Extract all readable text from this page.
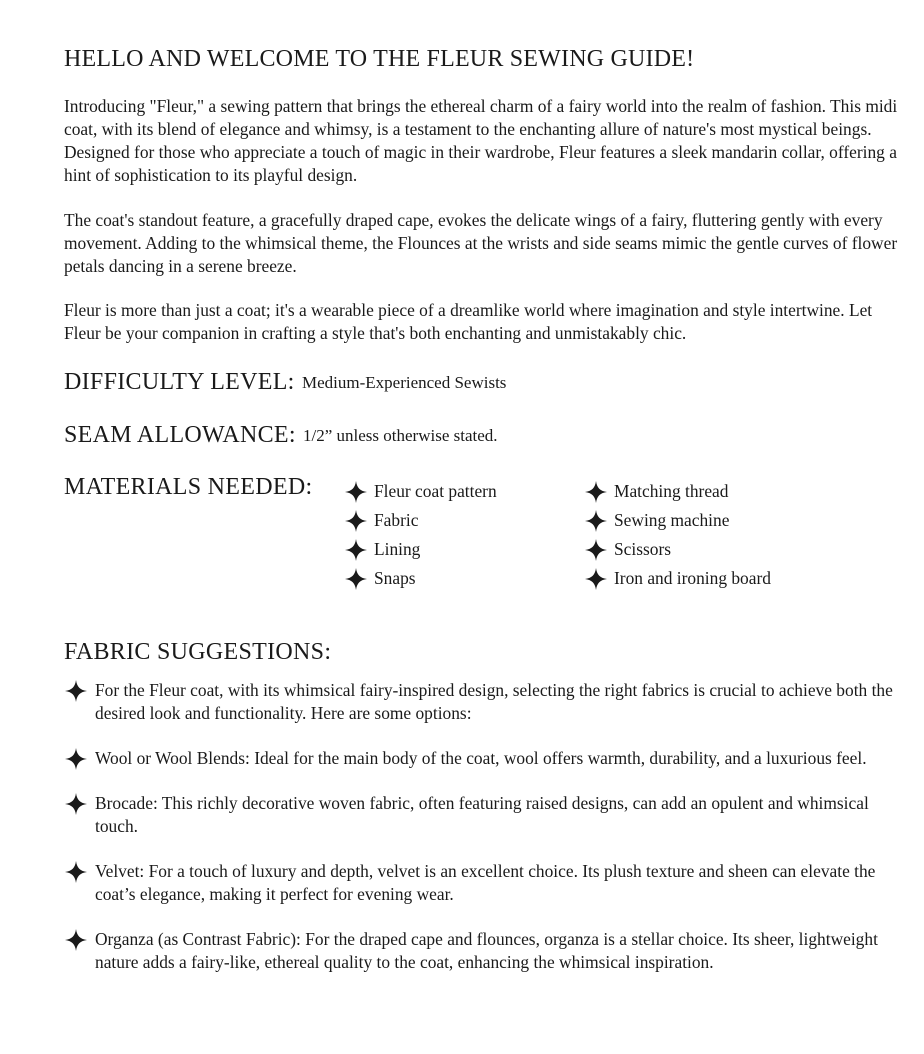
HELLO AND WELCOME TO THE FLEUR SEWING GUIDE!

Introducing "Fleur," a sewing pattern that brings the ethereal charm of a fairy world into the realm of fashion. This midi coat, with its blend of elegance and whimsy, is a testament to the enchanting allure of nature's most mystical beings. Designed for those who appreciate a touch of magic in their wardrobe, Fleur features a sleek mandarin collar, offering a hint of sophistication to its playful design.

The coat's standout feature, a gracefully draped cape, evokes the delicate wings of a fairy, fluttering gently with every movement. Adding to the whimsical theme, the Flounces at the wrists and side seams mimic the gentle curves of flower petals dancing in a serene breeze.

Fleur is more than just a coat; it's a wearable piece of a dreamlike world where imagination and style intertwine. Let Fleur be your companion in crafting a style that's both enchanting and unmistakably chic.

DIFFICULTY LEVEL: Medium-Experienced Sewists
SEAM ALLOWANCE: 1/2” unless otherwise stated.
MATERIALS NEEDED:	Fleur coat pattern
Fabric
Lining
Snaps
Matching thread
Sewing machine
Scissors
Iron and ironing board
FABRIC SUGGESTIONS:
For the Fleur coat, with its whimsical fairy-inspired design, selecting the right fabrics is crucial to achieve both the desired look and functionality. Here are some options:
Wool or Wool Blends: Ideal for the main body of the coat, wool offers warmth, durability, and a luxurious feel.
Brocade: This richly decorative woven fabric, often featuring raised designs, can add an opulent and whimsical touch.
Velvet: For a touch of luxury and depth, velvet is an excellent choice. Its plush texture and sheen can elevate the coat’s elegance, making it perfect for evening wear.
Organza (as Contrast Fabric): For the draped cape and flounces, organza is a stellar choice. Its sheer, lightweight nature adds a fairy-like, ethereal quality to the coat, enhancing the whimsical inspiration.
